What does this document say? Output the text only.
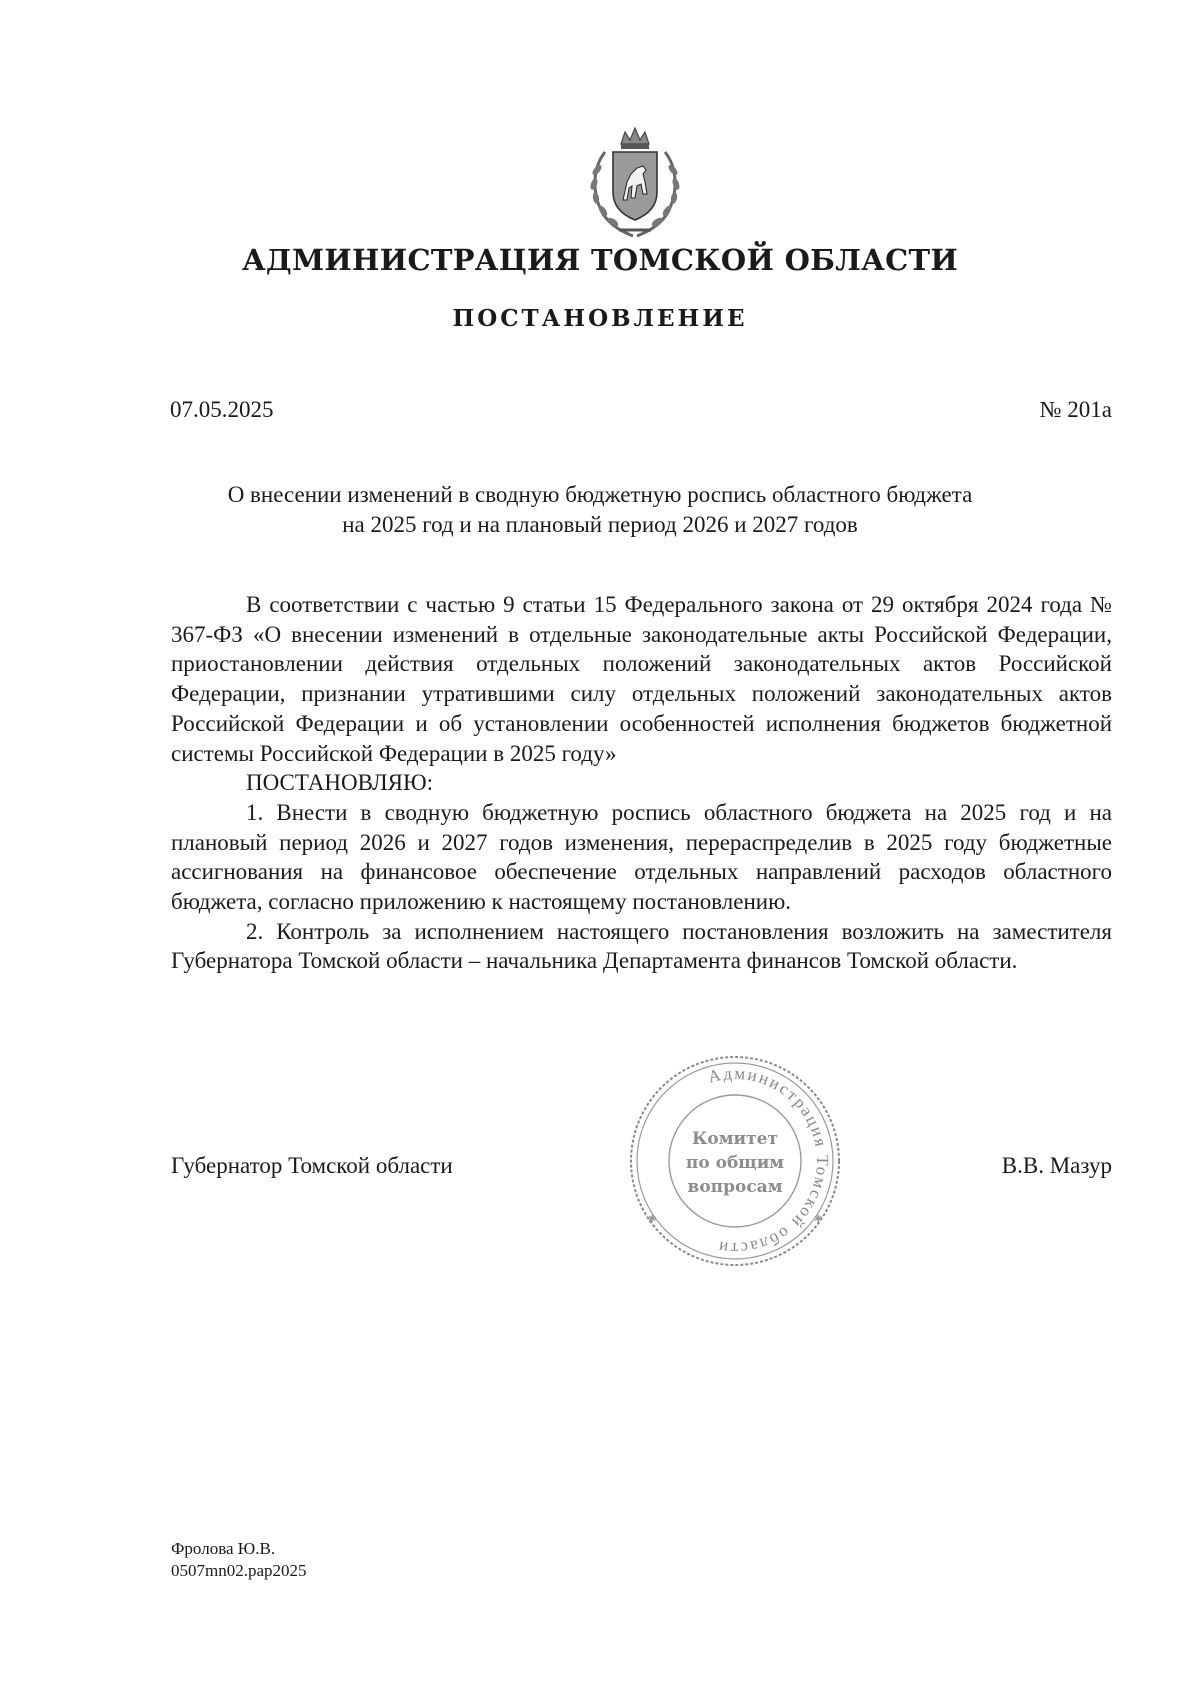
АДМИНИСТРАЦИЯ ТОМСКОЙ ОБЛАСТИ
ПОСТАНОВЛЕНИЕ
07.05.2025	№ 201а
О внесении изменений в сводную бюджетную роспись областного бюджета
на 2025 год и на плановый период 2026 и 2027 годов

В соответствии с частью 9 статьи 15 Федерального закона от 29 октября 2024 года № 367-ФЗ «О внесении изменений в отдельные законодательные акты Российской Федерации, приостановлении действия отдельных положений законодательных актов Российской Федерации, признании утратившими силу отдельных положений законодательных актов Российской Федерации и об установлении особенностей исполнения бюджетов бюджетной системы Российской Федерации в 2025 году»

ПОСТАНОВЛЯЮ:

1. Внести в сводную бюджетную роспись областного бюджета на 2025 год и на плановый период 2026 и 2027 годов изменения, перераспределив в 2025 году бюджетные ассигнования на финансовое обеспечение отдельных направлений расходов областного бюджета, согласно приложению к настоящему постановлению.

2. Контроль за исполнением настоящего постановления возложить на заместителя Губернатора Томской области – начальника Департамента финансов Томской области.

Губернатор Томской области	В.В. Мазур
Администрация Томской области
Комитет
по общим
вопросам
✱	✱
Фролова Ю.В.
0507mn02.pap2025
